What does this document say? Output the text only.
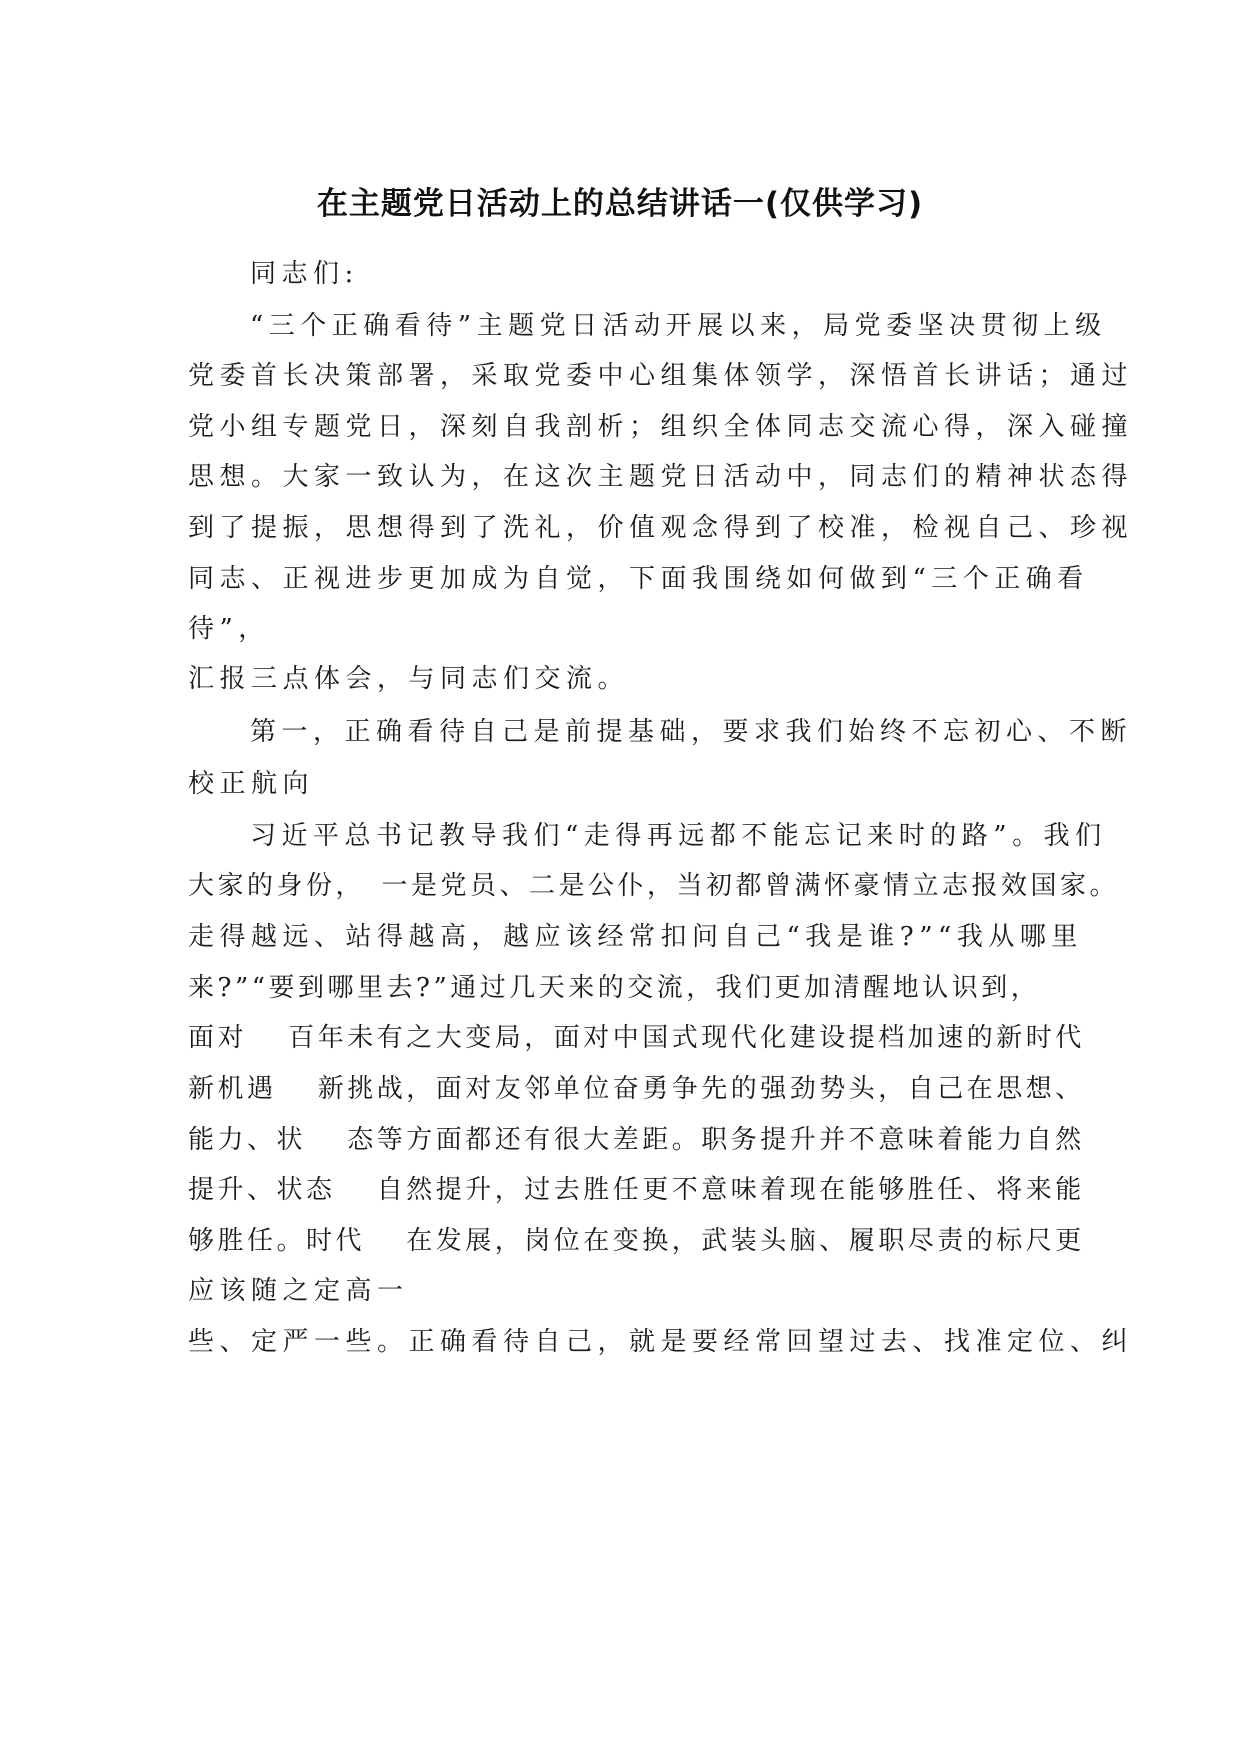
在主题党日活动上的总结讲话一(仅供学习)

同志们:

“三个正确看待”主题党日活动开展以来，局党委坚决贯彻上级

党委首长决策部署，采取党委中心组集体领学，深悟首长讲话；通过

党小组专题党日，深刻自我剖析；组织全体同志交流心得，深入碰撞

思想。大家一致认为，在这次主题党日活动中，同志们的精神状态得

到了提振，思想得到了洗礼，价值观念得到了校准，检视自己、珍视

同志、正视进步更加成为自觉，下面我围绕如何做到“三个正确看

待”，

汇报三点体会，与同志们交流。

第一，正确看待自己是前提基础，要求我们始终不忘初心、不断

校正航向

习近平总书记教导我们“走得再远都不能忘记来时的路”。我们

大家的身份，　一是党员、二是公仆，当初都曾满怀豪情立志报效国家。

走得越远、站得越高，越应该经常扣问自己“我是谁?”“我从哪里

来?”“要到哪里去?”通过几天来的交流，我们更加清醒地认识到，

面对　 百年未有之大变局，面对中国式现代化建设提档加速的新时代

新机遇　 新挑战，面对友邻单位奋勇争先的强劲势头，自己在思想、

能力、状　 态等方面都还有很大差距。职务提升并不意味着能力自然

提升、状态　 自然提升，过去胜任更不意味着现在能够胜任、将来能

够胜任。时代　 在发展，岗位在变换，武装头脑、履职尽责的标尺更

应该随之定高一

些、定严一些。正确看待自己，就是要经常回望过去、找准定位、纠
